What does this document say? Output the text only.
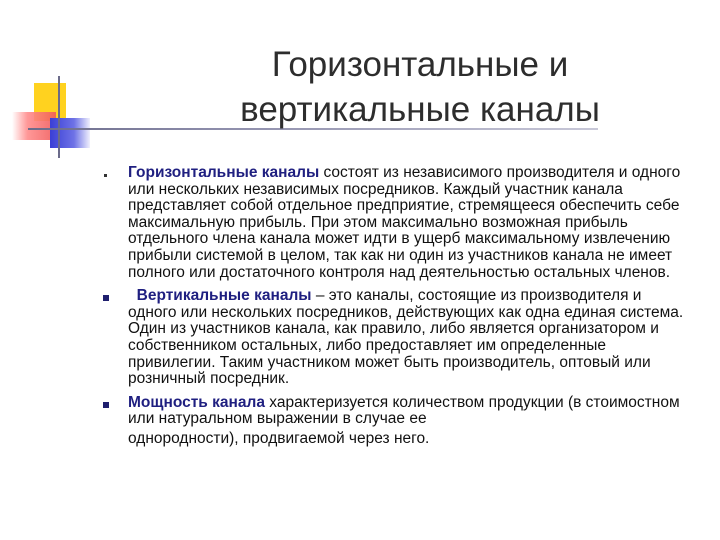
Горизонтальные и
вертикальные каналы
Горизонтальные каналы состоят из независимого производителя и одного или нескольких независимых посредников. Каждый участник канала представляет собой отдельное предприятие, стремящееся обеспечить себе максимальную прибыль. При этом максимально возможная прибыль отдельного члена канала может идти в ущерб максимальному извлечению прибыли системой в целом, так как ни один из участников канала не имеет полного или достаточного контроля над деятельностью остальных членов.
Вертикальные каналы – это каналы, состоящие из производителя и одного или нескольких посредников, действующих как одна единая система. Один из участников канала, как правило, либо является организатором и собственником остальных, либо предоставляет им определенные привилегии. Таким участником может быть производитель, оптовый или розничный посредник.
Мощность канала характеризуется количеством продукции (в стоимостном или натуральном выражении в случае ее
однородности), продвигаемой через него.
